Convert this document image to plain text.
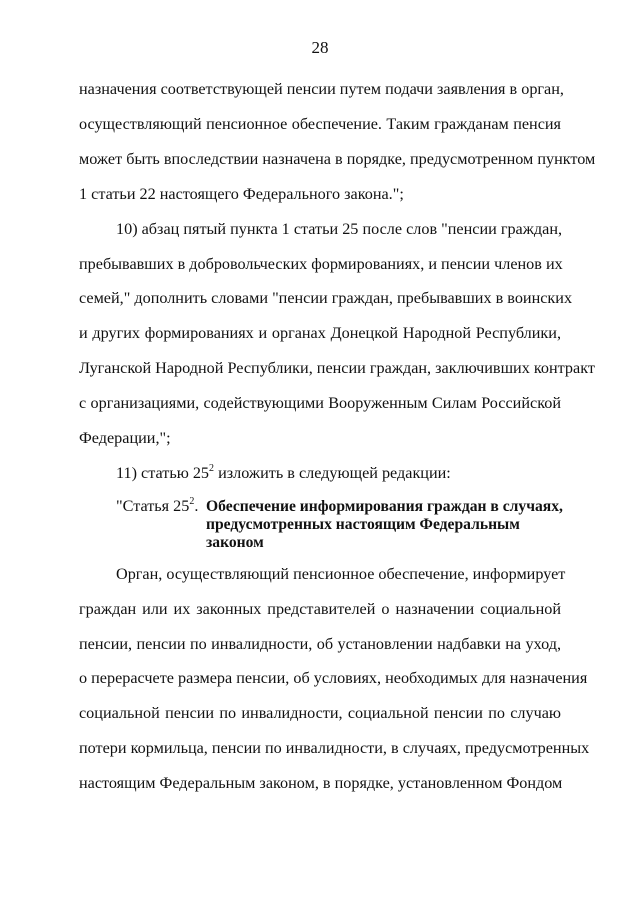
28
назначения соответствующей пенсии путем подачи заявления в орган,
осуществляющий пенсионное обеспечение. Таким гражданам пенсия
может быть впоследствии назначена в порядке, предусмотренном пунктом
1 статьи 22 настоящего Федерального закона.";
10) абзац пятый пункта 1 статьи 25 после слов "пенсии граждан,
пребывавших в добровольческих формированиях, и пенсии членов их
семей," дополнить словами "пенсии граждан, пребывавших в воинских
и других формированиях и органах Донецкой Народной Республики,
Луганской Народной Республики, пенсии граждан, заключивших контракт
с организациями, содействующими Вооруженным Силам Российской
Федерации,";
11) статью $25^2$ изложить в следующей редакции:
"Статья $25^2$. Обеспечение информирования граждан в случаях,
предусмотренных настоящим Федеральным
законом
Орган, осуществляющий пенсионное обеспечение, информирует
граждан или их законных представителей о назначении социальной
пенсии, пенсии по инвалидности, об установлении надбавки на уход,
о перерасчете размера пенсии, об условиях, необходимых для назначения
социальной пенсии по инвалидности, социальной пенсии по случаю
потери кормильца, пенсии по инвалидности, в случаях, предусмотренных
настоящим Федеральным законом, в порядке, установленном Фондом
